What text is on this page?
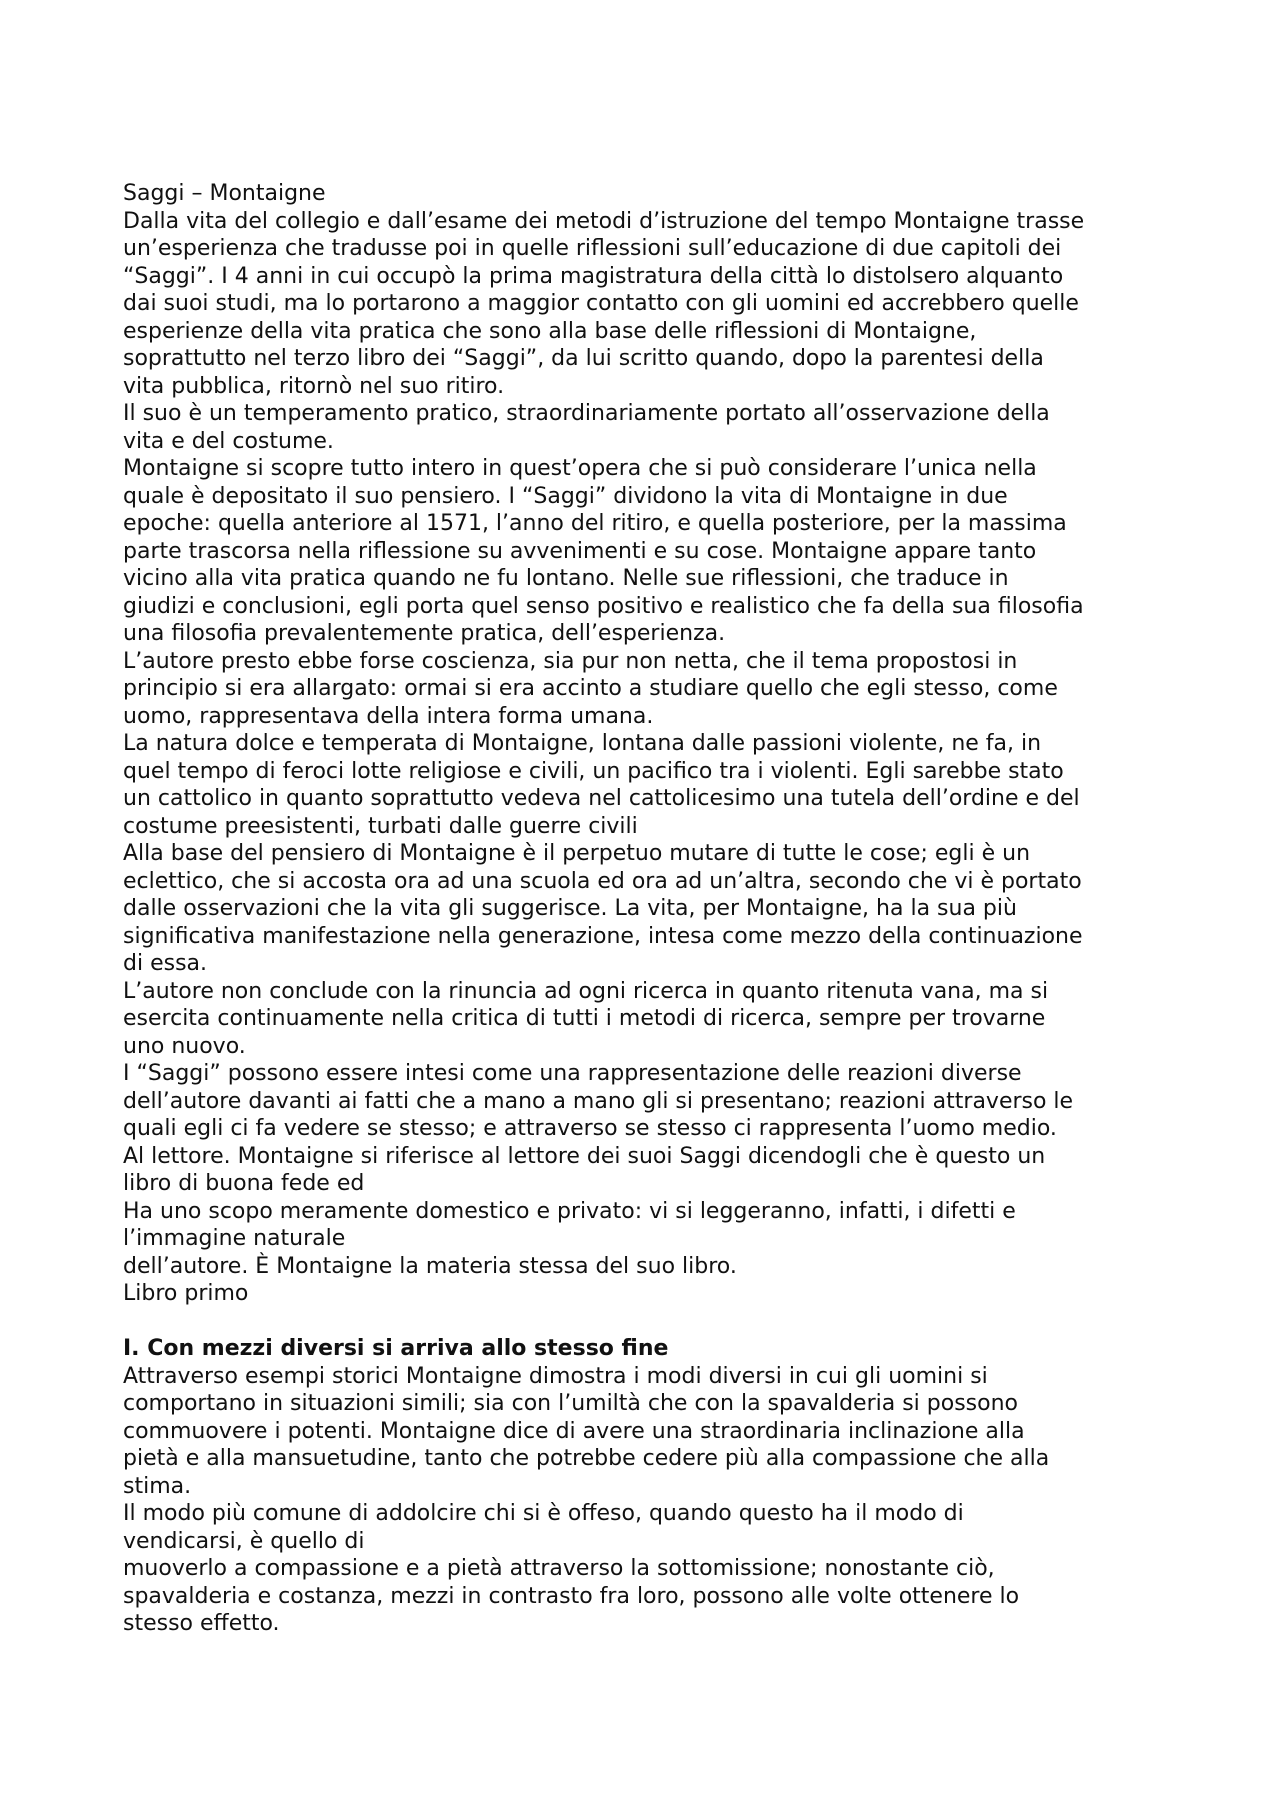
Saggi – Montaigne

Dalla vita del collegio e dall’esame dei metodi d’istruzione del tempo Montaigne trasse
un’esperienza che tradusse poi in quelle riflessioni sull’educazione di due capitoli dei
“Saggi”. I 4 anni in cui occupò la prima magistratura della città lo distolsero alquanto
dai suoi studi, ma lo portarono a maggior contatto con gli uomini ed accrebbero quelle
esperienze della vita pratica che sono alla base delle riflessioni di Montaigne,
soprattutto nel terzo libro dei “Saggi”, da lui scritto quando, dopo la parentesi della
vita pubblica, ritornò nel suo ritiro.

Il suo è un temperamento pratico, straordinariamente portato all’osservazione della
vita e del costume.

Montaigne si scopre tutto intero in quest’opera che si può considerare l’unica nella
quale è depositato il suo pensiero. I “Saggi” dividono la vita di Montaigne in due
epoche: quella anteriore al 1571, l’anno del ritiro, e quella posteriore, per la massima
parte trascorsa nella riflessione su avvenimenti e su cose. Montaigne appare tanto
vicino alla vita pratica quando ne fu lontano. Nelle sue riflessioni, che traduce in
giudizi e conclusioni, egli porta quel senso positivo e realistico che fa della sua filosofia
una filosofia prevalentemente pratica, dell’esperienza.

L’autore presto ebbe forse coscienza, sia pur non netta, che il tema propostosi in
principio si era allargato: ormai si era accinto a studiare quello che egli stesso, come
uomo, rappresentava della intera forma umana.

La natura dolce e temperata di Montaigne, lontana dalle passioni violente, ne fa, in
quel tempo di feroci lotte religiose e civili, un pacifico tra i violenti. Egli sarebbe stato
un cattolico in quanto soprattutto vedeva nel cattolicesimo una tutela dell’ordine e del
costume preesistenti, turbati dalle guerre civili

Alla base del pensiero di Montaigne è il perpetuo mutare di tutte le cose; egli è un
eclettico, che si accosta ora ad una scuola ed ora ad un’altra, secondo che vi è portato
dalle osservazioni che la vita gli suggerisce. La vita, per Montaigne, ha la sua più
significativa manifestazione nella generazione, intesa come mezzo della continuazione
di essa.

L’autore non conclude con la rinuncia ad ogni ricerca in quanto ritenuta vana, ma si
esercita continuamente nella critica di tutti i metodi di ricerca, sempre per trovarne
uno nuovo.

I “Saggi” possono essere intesi come una rappresentazione delle reazioni diverse
dell’autore davanti ai fatti che a mano a mano gli si presentano; reazioni attraverso le
quali egli ci fa vedere se stesso; e attraverso se stesso ci rappresenta l’uomo medio.

Al lettore. Montaigne si riferisce al lettore dei suoi Saggi dicendogli che è questo un
libro di buona fede ed

Ha uno scopo meramente domestico e privato: vi si leggeranno, infatti, i difetti e
l’immagine naturale

dell’autore. È Montaigne la materia stessa del suo libro.

Libro primo

I. Con mezzi diversi si arriva allo stesso fine

Attraverso esempi storici Montaigne dimostra i modi diversi in cui gli uomini si
comportano in situazioni simili; sia con l’umiltà che con la spavalderia si possono
commuovere i potenti. Montaigne dice di avere una straordinaria inclinazione alla
pietà e alla mansuetudine, tanto che potrebbe cedere più alla compassione che alla
stima.

Il modo più comune di addolcire chi si è offeso, quando questo ha il modo di
vendicarsi, è quello di

muoverlo a compassione e a pietà attraverso la sottomissione; nonostante ciò,
spavalderia e costanza, mezzi in contrasto fra loro, possono alle volte ottenere lo
stesso effetto.
